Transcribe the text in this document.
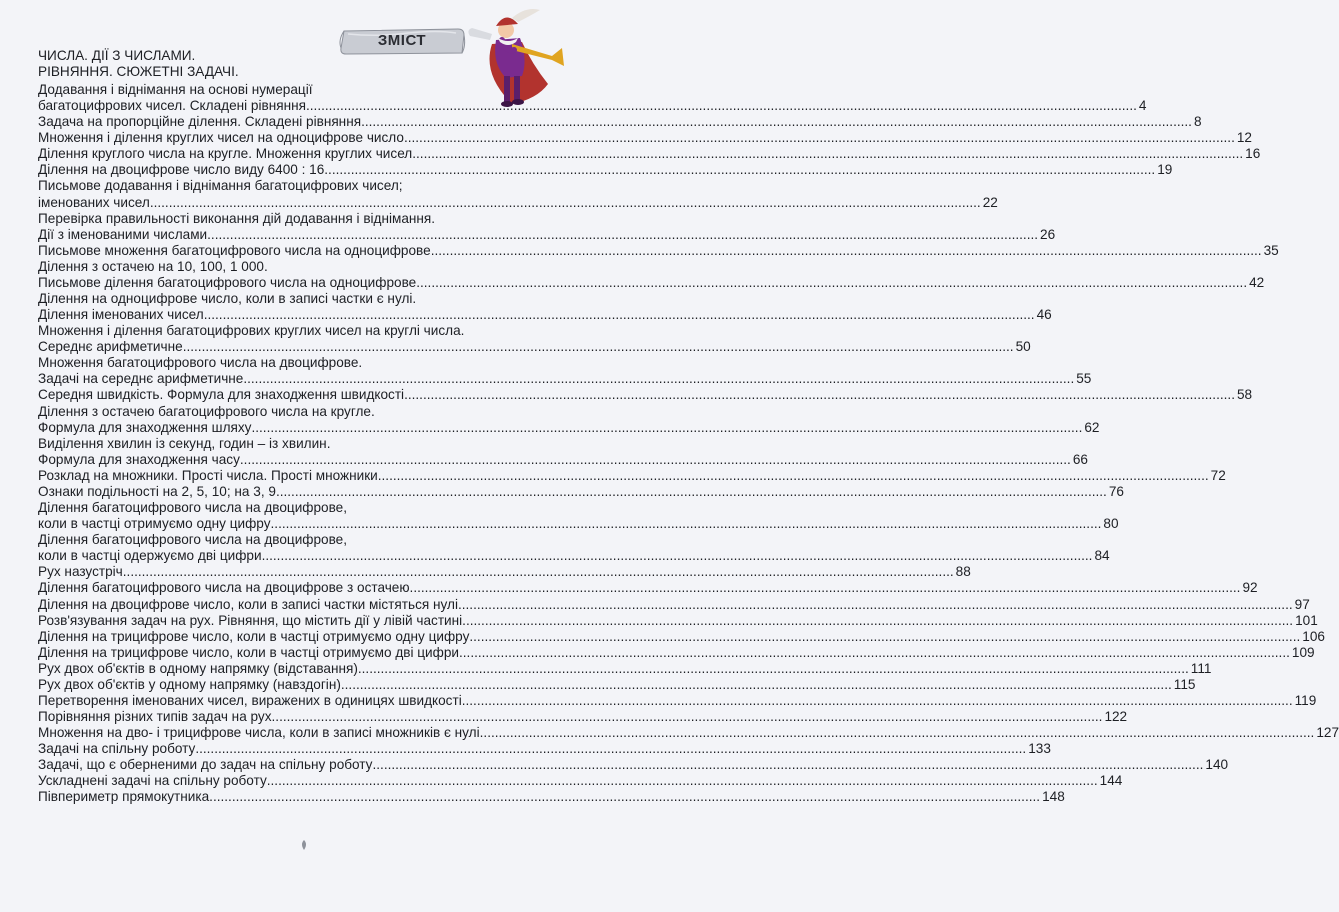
ЗМІСТ
ЧИСЛА. ДІЇ З ЧИСЛАМИ.
РІВНЯННЯ. СЮЖЕТНІ ЗАДАЧІ.
Додавання і віднімання на основі нумерації
багатоцифрових чисел. Складені рівняння ............................................................................................................................................................................................................................ 4
Задача на пропорційне ділення. Складені рівняння ............................................................................................................................................................................................................................ 8
Множення і ділення круглих чисел на одноцифрове число ............................................................................................................................................................................................................................ 12
Ділення круглого числа на кругле. Множення круглих чисел ............................................................................................................................................................................................................................ 16
Ділення на двоцифрове число виду 6400 : 16 ............................................................................................................................................................................................................................ 19
Письмове додавання і віднімання багатоцифрових чисел;
іменованих чисел ............................................................................................................................................................................................................................ 22
Перевірка правильності виконання дій додавання і віднімання.
Дії з іменованими числами ............................................................................................................................................................................................................................ 26
Письмове множення багатоцифрового числа на одноцифрове ............................................................................................................................................................................................................................ 35
Ділення з остачею на 10, 100, 1 000.
Письмове ділення багатоцифрового числа на одноцифрове ............................................................................................................................................................................................................................ 42
Ділення на одноцифрове число, коли в записі частки є нулі.
Ділення іменованих чисел ............................................................................................................................................................................................................................ 46
Множення і ділення багатоцифрових круглих чисел на круглі числа.
Середнє арифметичне ............................................................................................................................................................................................................................ 50
Множення багатоцифрового числа на двоцифрове.
Задачі на середнє арифметичне ............................................................................................................................................................................................................................ 55
Середня швидкість. Формула для знаходження швидкості ............................................................................................................................................................................................................................ 58
Ділення з остачею багатоцифрового числа на кругле.
Формула для знаходження шляху ............................................................................................................................................................................................................................ 62
Виділення хвилин із секунд, годин – із хвилин.
Формула для знаходження часу ............................................................................................................................................................................................................................ 66
Розклад на множники. Прості числа. Прості множники ............................................................................................................................................................................................................................ 72
Ознаки подільності на 2, 5, 10; на 3, 9 ............................................................................................................................................................................................................................ 76
Ділення багатоцифрового числа на двоцифрове,
коли в частці отримуємо одну цифру ............................................................................................................................................................................................................................ 80
Ділення багатоцифрового числа на двоцифрове,
коли в частці одержуємо дві цифри ............................................................................................................................................................................................................................ 84
Рух назустріч ............................................................................................................................................................................................................................ 88
Ділення багатоцифрового числа на двоцифрове з остачею ............................................................................................................................................................................................................................ 92
Ділення на двоцифрове число, коли в записі частки містяться нулі. ............................................................................................................................................................................................................................ 97
Розв'язування задач на рух. Рівняння, що містить дії у лівій частині ............................................................................................................................................................................................................................ 101
Ділення на трицифрове число, коли в частці отримуємо одну цифру ............................................................................................................................................................................................................................ 106
Ділення на трицифрове число, коли в частці отримуємо дві цифри ............................................................................................................................................................................................................................ 109
Рух двох об'єктів в одному напрямку (відставання) ............................................................................................................................................................................................................................ 111
Рух двох об'єктів у одному напрямку (навздогін) ............................................................................................................................................................................................................................ 115
Перетворення іменованих чисел, виражених в одиницях швидкості ............................................................................................................................................................................................................................ 119
Порівняння різних типів задач на рух ............................................................................................................................................................................................................................ 122
Множення на дво- і трицифрове числа, коли в записі множників є нулі. ............................................................................................................................................................................................................................ 127
Задачі на спільну роботу ............................................................................................................................................................................................................................ 133
Задачі, що є оберненими до задач на спільну роботу ............................................................................................................................................................................................................................ 140
Ускладнені задачі на спільну роботу ............................................................................................................................................................................................................................ 144
Півпериметр прямокутника ............................................................................................................................................................................................................................ 148
